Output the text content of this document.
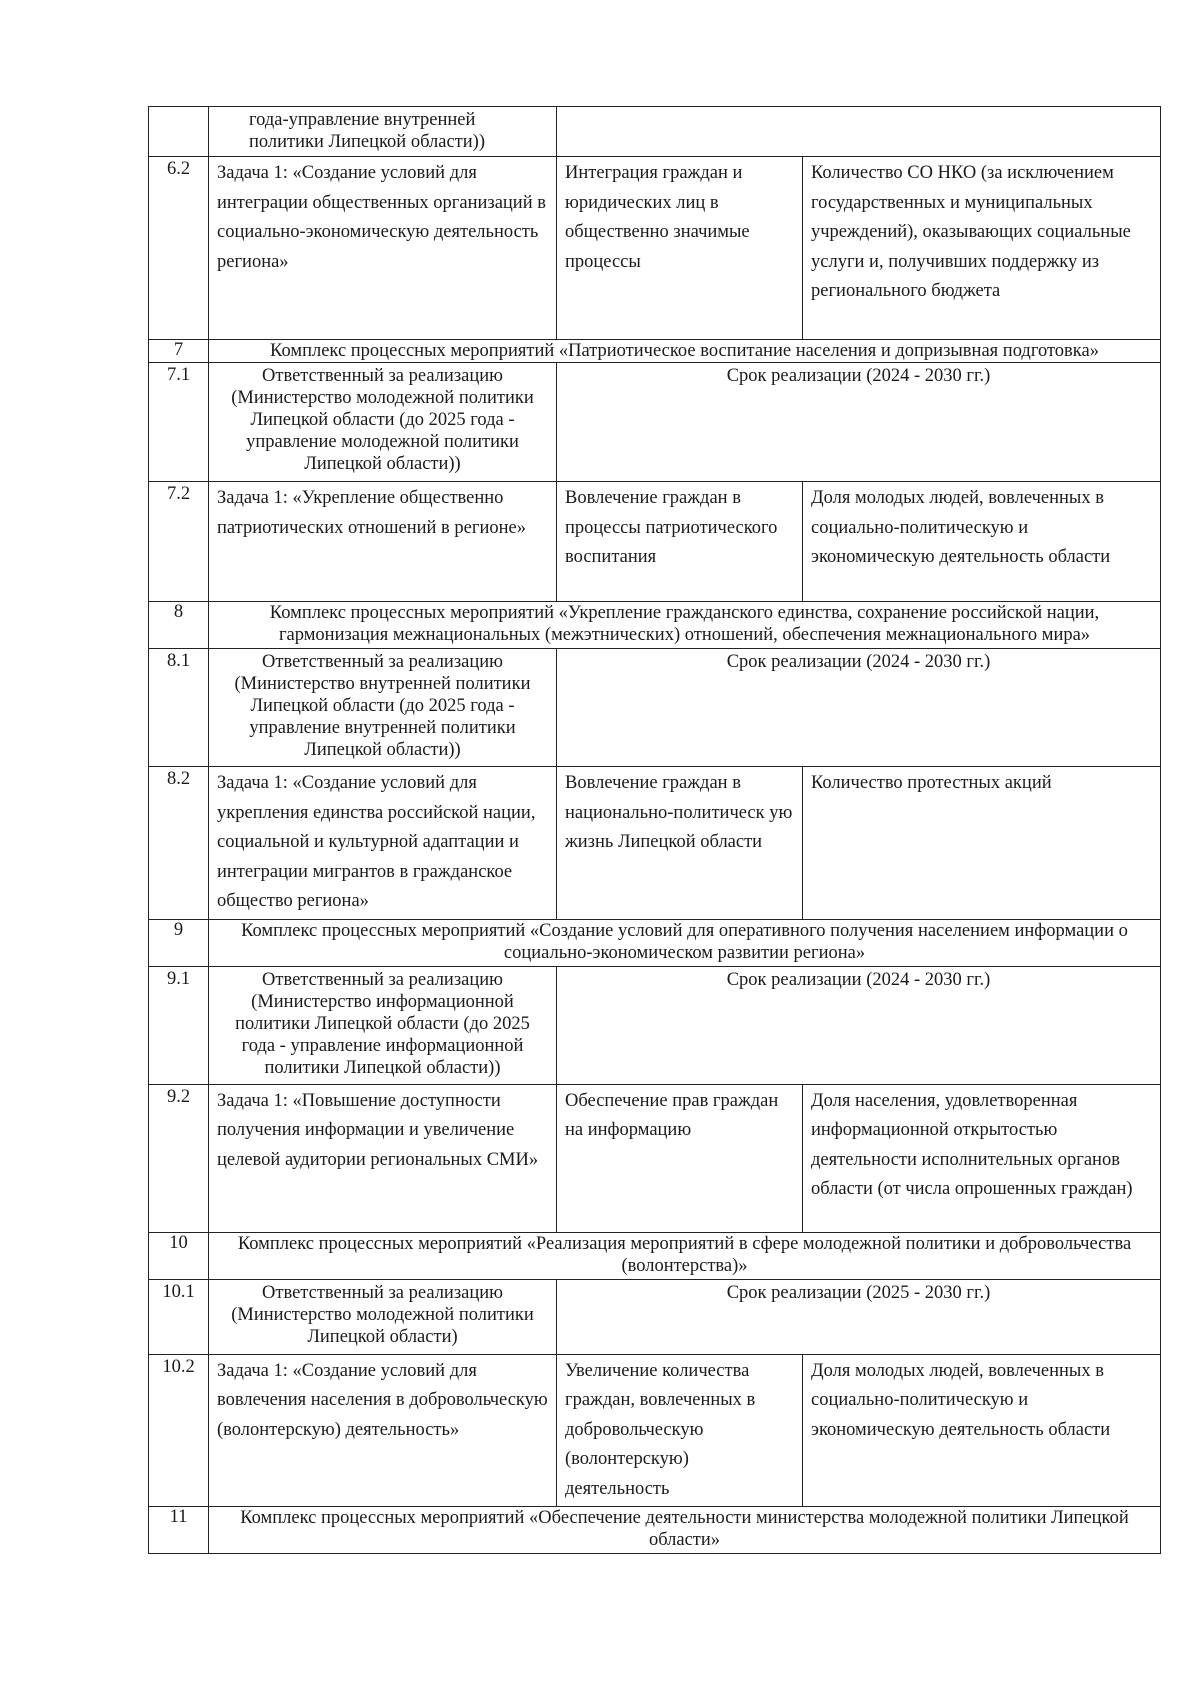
	года-управление внутренней политики Липецкой области))		
6.2	Задача 1: «Создание условий для интеграции общественных организаций в социально-экономическую деятельность региона»	Интеграция граждан и юридических лиц в общественно значимые процессы	Количество СО НКО (за исключением государственных и муниципальных учреждений), оказывающих социальные услуги и, получивших поддержку из регионального бюджета
7	Комплекс процессных мероприятий «Патриотическое воспитание населения и допризывная подготовка»		
7.1	Ответственный за реализацию (Министерство молодежной политики Липецкой области (до 2025 года - управление молодежной политики Липецкой области))	Срок реализации (2024 - 2030 гг.)	
7.2	Задача 1: «Укрепление общественно патриотических отношений в регионе»	Вовлечение граждан в процессы патриотического воспитания	Доля молодых людей, вовлеченных в социально-политическую и экономическую деятельность области
8	Комплекс процессных мероприятий «Укрепление гражданского единства, сохранение российской нации, гармонизация межнациональных (межэтнических) отношений, обеспечения межнационального мира»		
8.1	Ответственный за реализацию (Министерство внутренней политики Липецкой области (до 2025 года - управление внутренней политики Липецкой области))	Срок реализации (2024 - 2030 гг.)	
8.2	Задача 1: «Создание условий для укрепления единства российской нации, социальной и культурной адаптации и интеграции мигрантов в гражданское общество региона»	Вовлечение граждан в национально-политическ ую жизнь Липецкой области	Количество протестных акций
9	Комплекс процессных мероприятий «Создание условий для оперативного получения населением информации о социально-экономическом развитии региона»		
9.1	Ответственный за реализацию (Министерство информационной политики Липецкой области (до 2025 года - управление информационной политики Липецкой области))	Срок реализации (2024 - 2030 гг.)	
9.2	Задача 1: «Повышение доступности получения информации и увеличение целевой аудитории региональных СМИ»	Обеспечение прав граждан на информацию	Доля населения, удовлетворенная информационной открытостью деятельности исполнительных органов области (от числа опрошенных граждан)
10	Комплекс процессных мероприятий «Реализация мероприятий в сфере молодежной политики и добровольчества (волонтерства)»		
10.1	Ответственный за реализацию (Министерство молодежной политики Липецкой области)	Срок реализации (2025 - 2030 гг.)	
10.2	Задача 1: «Создание условий для вовлечения населения в добровольческую (волонтерскую) деятельность»	Увеличение количества граждан, вовлеченных в добровольческую (волонтерскую) деятельность	Доля молодых людей, вовлеченных в социально-политическую и экономическую деятельность области
11	Комплекс процессных мероприятий «Обеспечение деятельности министерства молодежной политики Липецкой области»		
